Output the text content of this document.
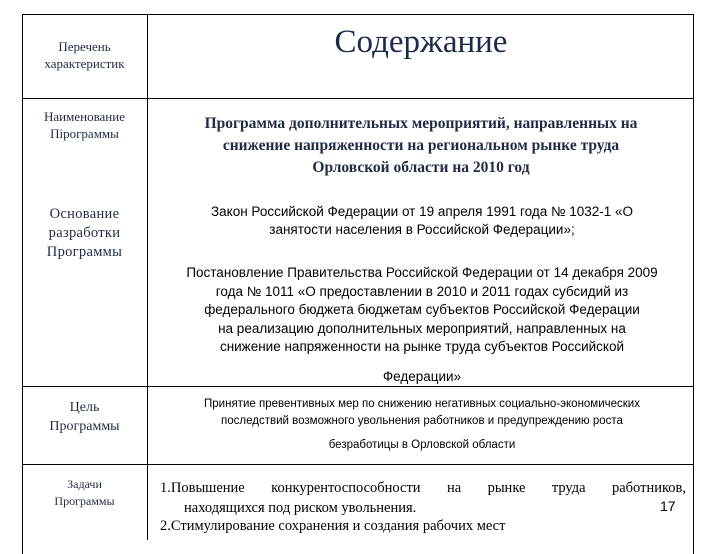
Перечень
характеристик
Содержание
Наименование
Пiрограммы
Программа дополнительных мероприятий, направленных на
снижение напряженности на региональном рынке труда
Орловской области на 2010 год
Основание
разработки
Программы
Закон Российской Федерации от 19 апреля 1991 года № 1032-1 «О
занятости населения в Российской Федерации»;
Постановление Правительства Российской Федерации от 14 декабря 2009
года № 1011 «О предоставлении в 2010 и 2011 годах субсидий из
федерального бюджета бюджетам субъектов Российской Федерации
на реализацию дополнительных мероприятий, направленных на
снижение напряженности на рынке труда субъектов Российской
Федерации»
Цель
Программы
Принятие превентивных мер по снижению негативных социально-экономических
последствий возможного увольнения работников и предупреждению роста
безработицы в Орловской области
Задачи
Программы
1.Повышение конкурентоспособности на рынке труда работников,
находящихся под риском увольнения.
2.Стимулирование сохранения и создания рабочих мест
17
